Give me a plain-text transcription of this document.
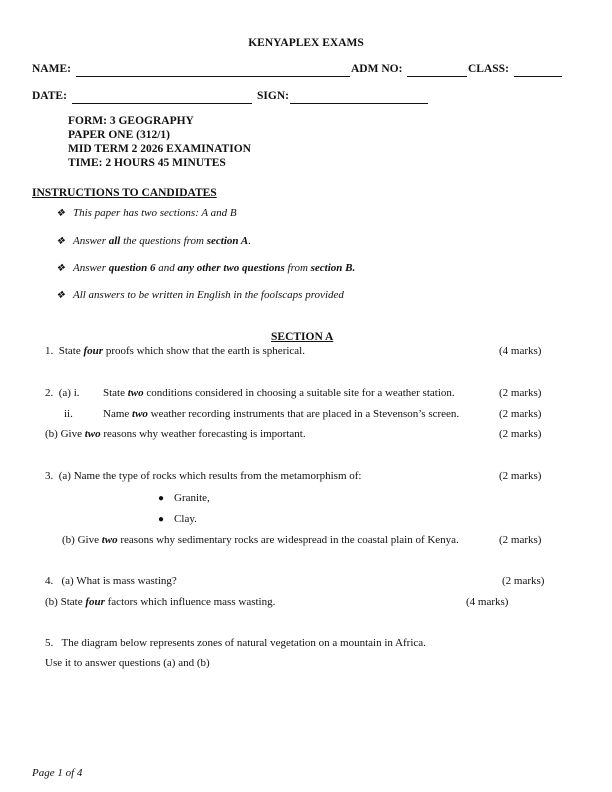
KENYAPLEX EXAMS
NAME:	ADM NO:	CLASS:
DATE:	SIGN:
FORM: 3 GEOGRAPHY
PAPER ONE (312/1)
MID TERM 2 2026 EXAMINATION
TIME: 2 HOURS 45 MINUTES
INSTRUCTIONS TO CANDIDATES
❖ This paper has two sections: A and B
❖ Answer all the questions from section A.
❖ Answer question 6 and any other two questions from section B.
❖ All answers to be written in English in the foolscaps provided
SECTION A
1. State four proofs which show that the earth is spherical.	(4 marks)
2. (a) i. State two conditions considered in choosing a suitable site for a weather station.	(2 marks)
ii.	Name two weather recording instruments that are placed in a Stevenson’s screen.	(2 marks)
(b) Give two reasons why weather forecasting is important.	(2 marks)
3. (a) Name the type of rocks which results from the metamorphism of:	(2 marks)
● Granite,
● Clay.
(b) Give two reasons why sedimentary rocks are widespread in the coastal plain of Kenya.	(2 marks)
4. (a) What is mass wasting?	(2 marks)
(b) State four factors which influence mass wasting.	(4 marks)
5. The diagram below represents zones of natural vegetation on a mountain in Africa.
Use it to answer questions (a) and (b)
Page 1 of 4
